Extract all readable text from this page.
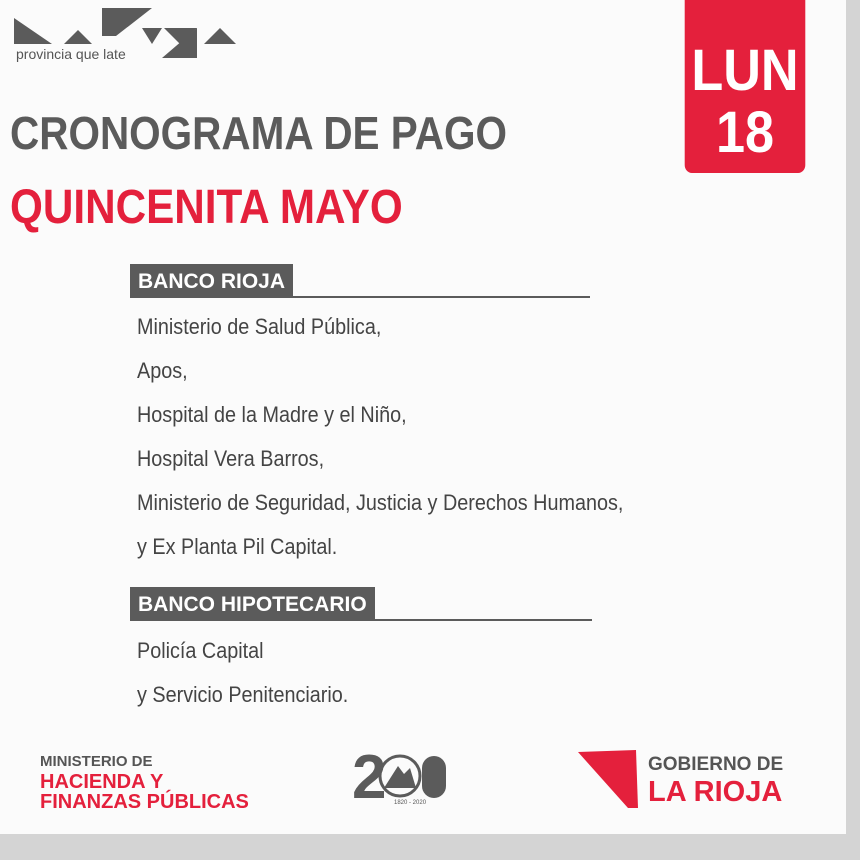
provincia que late	LUN
18
CRONOGRAMA DE PAGO
QUINCENITA MAYO
BANCO RIOJA
Ministerio de Salud Pública,
Apos,
Hospital de la Madre y el Niño,
Hospital Vera Barros,
Ministerio de Seguridad, Justicia y Derechos Humanos,
y Ex Planta Pil Capital.
BANCO HIPOTECARIO
Policía Capital
y Servicio Penitenciario.
MINISTERIO DE
HACIENDA Y
FINANZAS PÚBLICAS 2 1820 - 2020
GOBIERNO DE
LA RIOJA
